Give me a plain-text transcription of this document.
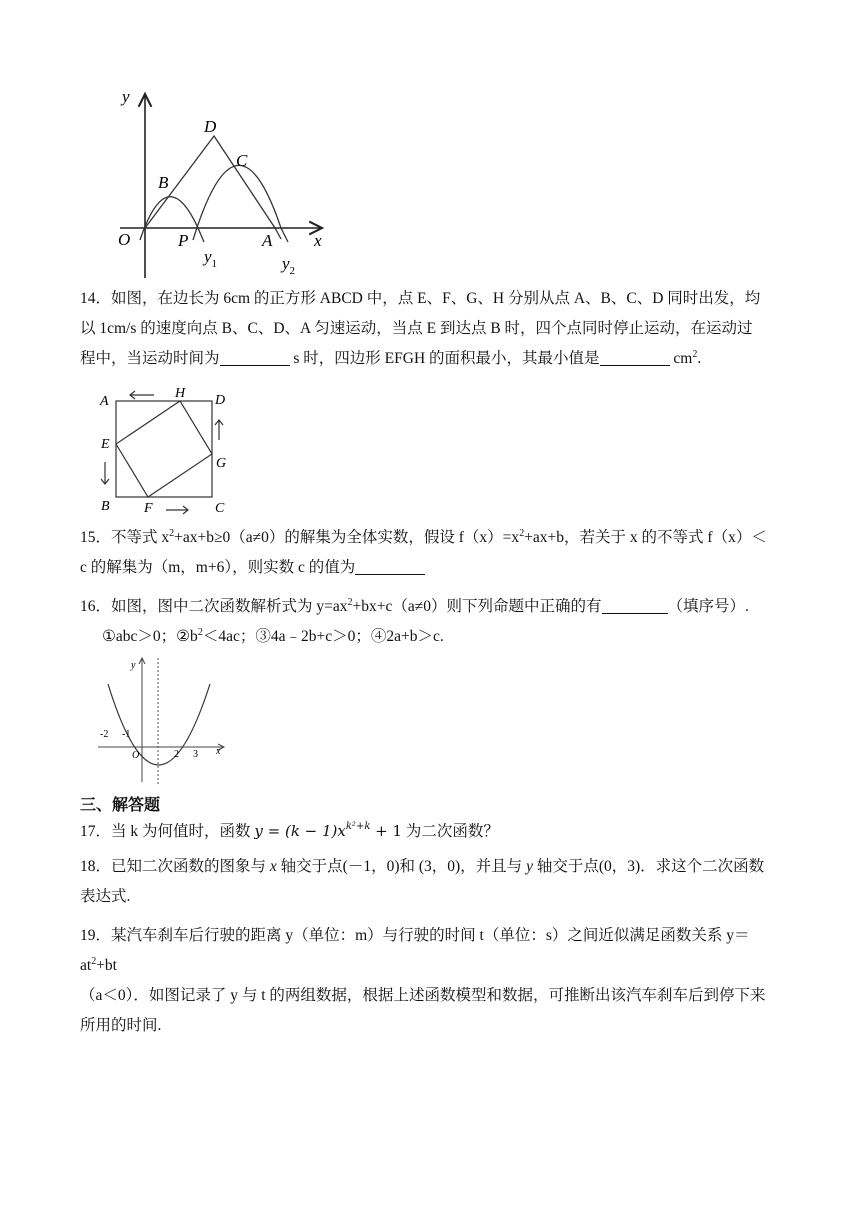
y
x
O	P	A
B
C
D
$y_1$	$y_2$
14．如图，在边长为 6cm 的正方形 ABCD 中，点 E、F、G、H 分别从点 A、B、C、D 同时出发，均
以 1cm/s 的速度向点 B、C、D、A 匀速运动，当点 E 到达点 B 时，四个点同时停止运动，在运动过
程中，当运动时间为	s 时，四边形 EFGH 的面积最小，其最小值是	$cm^2$.
A
H D
E
G
B F	C
15．不等式 $x^2+ax+b\ge 0(a\ne 0)$的解集为全体实数，假设 $f(x)=x^2+ax+b$，若关于 x 的不等式 f（x）＜
c 的解集为（m，m+6），则实数 c 的值为
16．如图，图中二次函数解析式为 $y=ax^2+bx+c(a\ne 0)$则下列命题中正确的有	（填序号）.
①abc＞0；$②b^2<4ac$；③4a﹣2b+c＞0；④2a+b＞c.
y
x
O
-2 -1
2 3
三、解答题
17．当 k 为何值时，函数 $y = (k - 1)x^{k^2+k} + 1$ 为二次函数？
18．已知二次函数的图象与 x 轴交于点(－1，0)和 (3，0)，并且与 y 轴交于点(0，3)．求这个二次函数
表达式.
19．某汽车刹车后行驶的距离 y（单位：m）与行驶的时间 t（单位：s）之间近似满足函数关系 $y=at^2+bt$
（a＜0）．如图记录了 y 与 t 的两组数据，根据上述函数模型和数据，可推断出该汽车刹车后到停下来
所用的时间.
